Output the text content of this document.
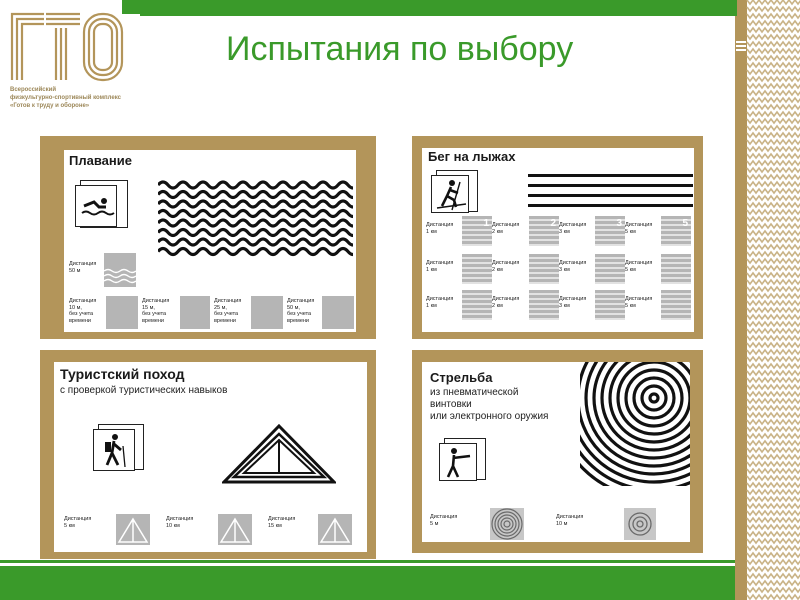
Всероссийский
физкультурно-спортивный комплекс
«Готов к труду и обороне»
Испытания по выбору
Плавание
Дистанция
50 м
Дистанция
10 м,
без учета
времени
Дистанция
15 м,
без учета
времени
Дистанция
25 м,
без учета
времени
Дистанция
50 м,
без учета
времени
Бег на лыжах
Дистанция
1 км
1 Дистанция
2 км
2 Дистанция
3 км
3 Дистанция
5 км
5
Дистанция
1 км
Дистанция
2 км
Дистанция
3 км
Дистанция
5 км
Дистанция
1 км
Дистанция
2 км
Дистанция
3 км
Дистанция
5 км
Туристский поход
с проверкой туристических навыков
Дистанция
5 км
Дистанция
10 км
Дистанция
15 км
Стрельба
из пневматической
винтовки
или электронного оружия
Дистанция
5 м
Дистанция
10 м
